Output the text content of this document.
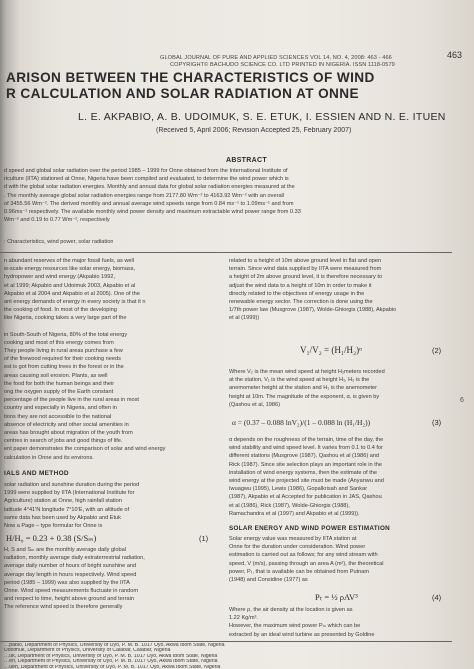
GLOBAL JOURNAL OF PURE AND APPLIED SCIENCES VOL 14, NO. 4, 2008: 463 - 466
COPYRIGHT© BACHUDO SCIENCE CO. LTD PRINTED IN NIGERIA. ISSN 1118-0579
463
ARISON BETWEEN THE CHARACTERISTICS OF WIND
R CALCULATION AND SOLAR RADIATION AT ONNE
L. E. AKPABIO, A. B. UDOIMUK, S. E. ETUK, I. ESSIEN AND N. E. ITUEN
(Received 5, April 2006; Revision Accepted 25, February 2007)
ABSTRACT
d speed and global solar radiation over the period 1985 – 1999 for Onne obtained from the International Institute of
riculture (IITA) stationed at Onne, Nigeria have been compiled and evaluated, to determine the wind power which is
d with the global solar radiation energies. Monthly and annual data for global solar radiation energies measured at the
. The monthly average global solar radiation energies range from 2177.80 Wm⁻² to 4163.92 Wm⁻² with an overall
of 3455.56 Wm⁻². The derived monthly and annual average wind speeds range from 0.84 ms⁻¹ to 1.09ms⁻¹ and from
0.96ms⁻¹ respectively. The available monthly wind power density and maximum extractable wind power range from 0.33
Wm⁻² and 0.19 to 0.77 Wm⁻², respectively
: Characteristics, wind power, solar radiation
n abundant reserves of the major fossil fuels, as well
w-scale energy resources like solar energy, biomass,
hydropower and wind energy (Akpabio 1992,
et al 1999; Akpabio and Udoimuk 2003, Akpabio et al
Akpabio et al 2004 and Akpabio et al 2005). One of the
ant energy demands of energy in every society is that it n
the cooking of food. In most of the developing
like Nigeria, cooking takes a very large part of the
in South-South of Nigeria, 80% of the total energy
cooking and most of this energy comes from
They people living in rural areas purchase a few
of the firewood required for their cooking needs
est is got from cutting trees in the forest or in the
areas causing soil erosion. Plants, as well
the food for both the human beings and their
ong the oxygen supply of the Earth constant
percentage of the people live in the rural areas in most
country and especially in Nigeria, and often in
tions they are not accessible to the national
absence of electricity and other social amenities in
areas has brought about migration of the youth from
centres in search of jobs and good things of life.
ent paper demonstrates the comparison of solar and wind energy
calculation in Onne and its environs.
IALS AND METHOD
solar radiation and sunshine duration during the period
1999 were supplied by IITA (International Institute for
Agriculture) station at Onne, high rainfall station
latitude 4°41'N longitude 7°10'E, with an altitude of
same data has been used by Akpabio and Etuk
Now a Page – type formular for Onne is
H/H₀ = 0.23 + 0.38 (S/Sₘ)	(1)
H, S and Sₘ are the monthly average daily global
radiation, monthly average daily extraterrestrial radiation,
average daily number of hours of bright sunshine and
average day length in hours respectively. Wind speed
period (1985 – 1999) was also supplied by the IITA
Onne. Wind speed measurements fluctuate in random
and respect to time, height above ground and terrain
The reference wind speed is therefore generally
related to a height of 10m above ground level in flat and open
terrain. Since wind data supplied by IITA were measured from
a height of 2m above ground level, it is therefore necessary to
adjust the wind data to a height of 10m in order to make it
directly related to the objectives of energy usage in the
renewable energy sector. The correction is done using the
1/7th power law (Musgrove (1987), Wolde-Ghiorgis (1988), Akpabio
et al (1999))
V₁/V₂ = (H₁/H₂)ᵅ	(2)
Where V₂ is the mean wind speed at height H₂meters recorded
at the station, V₁ is the wind speed at height H₁, H₂ is the
anemometer height at the station and H₁ is the anemometer
height at 10m. The magnitude of the exponent, α, is given by
(Qashou et al, 1986)
α = (0.37 – 0.088 lnV₂)/(1 – 0.088 ln (H₁/H₂))	(3)
α depends on the roughness of the terrain, time of the day, the
wind stability and wind speed level. It varies from 0.1 to 0.4 for
different stations (Musgrove (1987), Qashou et al (1986) and
Rick (1987). Since site selection plays an important role in the
installation of wind energy systems, then the estimate of the
wind energy at the projected site must be made (Anyanwu and
Iwuagwu (1995), Lewis (1986), Gopalkrisah and Sankar
(1987), Akpabio et al Accepted for publication in JAS, Qashou
et al (1986), Rick (1987), Wolde-Ghiorgis (1988),
Ramachandra et al (1997) and Akpabio et al (1999)).
SOLAR ENERGY AND WIND POWER ESTIMATION
Solar energy value was measured by IITA station at
Onne for the duration under consideration. Wind power
estimation is carried out as follows; for any wind stream with
speed, V (m/s), passing through an area A (m²), the theoretical
power, Pₜ, that is available can be obtained from Putnam
(1948) and Considine (1977) as
Pₜ = ½ ρAV³	(4)
Where ρ, the air density at the location is given as
1.22 Kg/m³.
However, the maximum wind power Pₘ which can be
extracted by an ideal wind turbine as presented by Goldine
…pabio, Department of Physics, University of Uyo, P. M. B. 1017 Uyo, Akwa Ibom State, Nigeria
Udoimuk, Department of Physics, University of Calabar, Calabar, Nigeria
…uk, Department of Physics, University of Uyo, P. M. B. 1017 Uyo, Akwa Ibom State, Nigeria
…en, Department of Physics, University of Uyo, P. M. B. 1017 Uyo, Akwa Ibom State, Nigeria
…uen, Department of Physics, University of Uyo, P. M. B. 1017 Uyo, Akwa Ibom State, Nigeria
6
